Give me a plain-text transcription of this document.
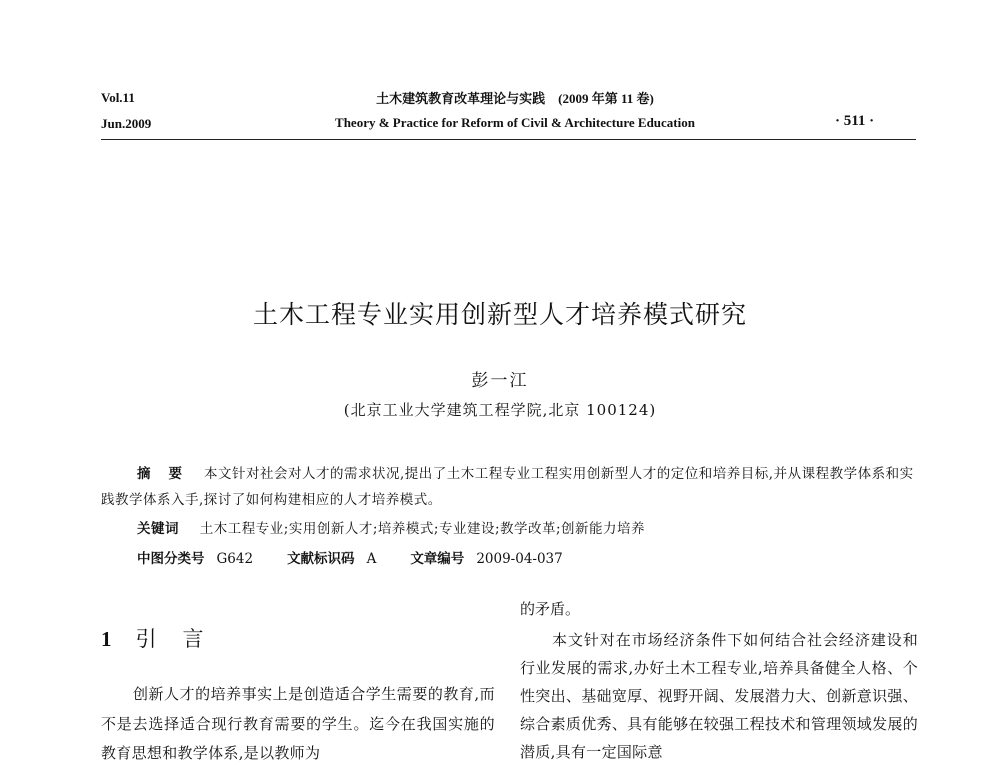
Vol.11
Jun.2009
土木建筑教育改革理论与实践　(2009 年第 11 卷)
Theory & Practice for Reform of Civil & Architecture Education	· 511 ·
土木工程专业实用创新型人才培养模式研究
彭一江
(北京工业大学建筑工程学院,北京 100124)
摘要 本文针对社会对人才的需求状况,提出了土木工程专业工程实用创新型人才的定位和培养目标,并从课程教学体系和实践教学体系入手,探讨了如何构建相应的人才培养模式。
关键词 土木工程专业;实用创新人才;培养模式;专业建设;教学改革;创新能力培养
中图分类号 G642	文献标识码 A	文章编号 2009-04-037
1 引言
创新人才的培养事实上是创造适合学生需要的教育,而不是去选择适合现行教育需要的学生。迄今在我国实施的教育思想和教学体系,是以教师为
的矛盾。
本文针对在市场经济条件下如何结合社会经济建设和行业发展的需求,办好土木工程专业,培养具备健全人格、个性突出、基础宽厚、视野开阔、发展潜力大、创新意识强、综合素质优秀、具有能够在较强工程技术和管理领域发展的潜质,具有一定国际意
